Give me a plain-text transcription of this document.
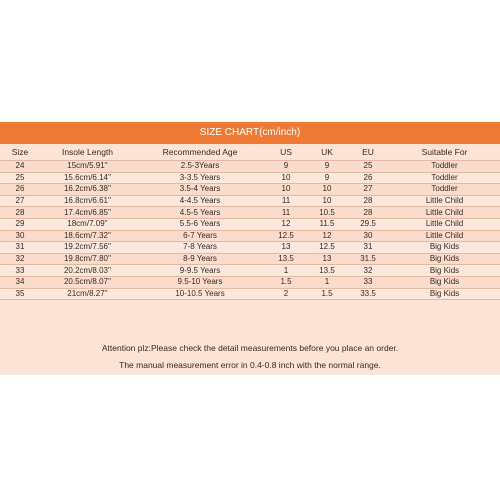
SIZE CHART(cm/inch)
Size	Insole Length	Recommended Age	US	UK	EU	Suitable For
24	15cm/5.91''	2.5-3Years	9	9	25	Toddler
25	15.6cm/6.14''	3-3.5 Years	10	9	26	Toddler
26	16.2cm/6.38''	3.5-4 Years	10	10	27	Toddler
27	16.8cm/6.61''	4-4.5 Years	11	10	28	Little Child
28	17.4cm/6.85''	4.5-5 Years	11	10.5	28	Little Child
29	18cm/7.09''	5.5-6 Years	12	11.5	29.5	Little Child
30	18.6cm/7.32''	6-7 Years	12.5	12	30	Little Child
31	19.2cm/7.56''	7-8 Years	13	12.5	31	Big Kids
32	19.8cm/7.80''	8-9 Years	13.5	13	31.5	Big Kids
33	20.2cm/8.03''	9-9.5 Years	1	13.5	32	Big Kids
34	20.5cm/8.07''	9.5-10 Years	1.5	1	33	Big Kids
35	21cm/8.27''	10-10.5 Years	2	1.5	33.5	Big Kids
Attention plz:Please check the detail measurements before you place an order.
The manual measurement error in 0.4-0.8 inch with the normal range.
